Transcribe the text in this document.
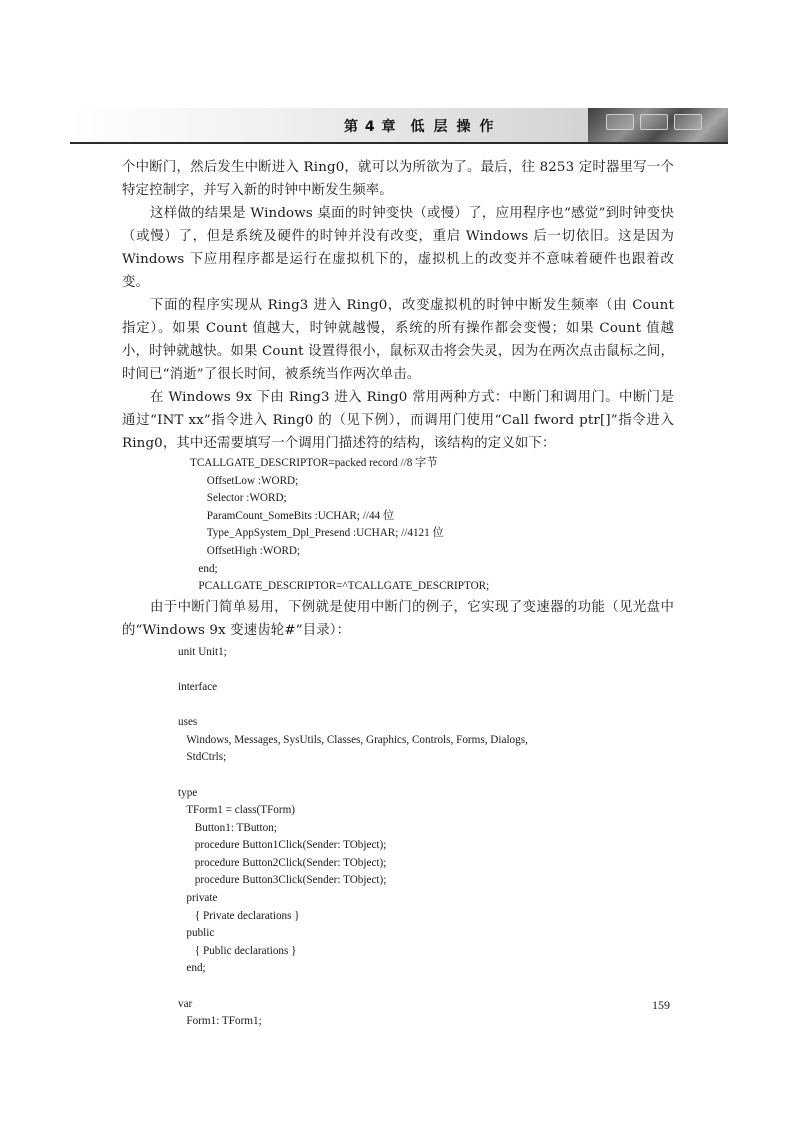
第 4 章 低层操作

个中断门，然后发生中断进入 Ring0，就可以为所欲为了。最后，往 8253 定时器里写一个特定控制字，并写入新的时钟中断发生频率。

这样做的结果是 Windows 桌面的时钟变快（或慢）了，应用程序也“感觉”到时钟变快（或慢）了，但是系统及硬件的时钟并没有改变，重启 Windows 后一切依旧。这是因为 Windows 下应用程序都是运行在虚拟机下的，虚拟机上的改变并不意味着硬件也跟着改变。

下面的程序实现从 Ring3 进入 Ring0，改变虚拟机的时钟中断发生频率（由 Count 指定）。如果 Count 值越大，时钟就越慢，系统的所有操作都会变慢；如果 Count 值越小，时钟就越快。如果 Count 设置得很小，鼠标双击将会失灵，因为在两次点击鼠标之间，时间已“消逝”了很长时间，被系统当作两次单击。

在 Windows 9x 下由 Ring3 进入 Ring0 常用两种方式：中断门和调用门。中断门是通过“INT xx”指令进入 Ring0 的（见下例），而调用门使用“Call fword ptr[]”指令进入 Ring0，其中还需要填写一个调用门描述符的结构，该结构的定义如下：

TCALLGATE_DESCRIPTOR=packed record //8 字节
OffsetLow :WORD;
Selector :WORD;
ParamCount_SomeBits :UCHAR; //44 位
Type_AppSystem_Dpl_Presend :UCHAR; //4121 位
OffsetHigh :WORD;
end;
PCALLGATE_DESCRIPTOR=^TCALLGATE_DESCRIPTOR;

由于中断门简单易用，下例就是使用中断门的例子，它实现了变速器的功能（见光盘中的“Windows 9x 变速齿轮#”目录）：

unit Unit1;

interface

uses
Windows, Messages, SysUtils, Classes, Graphics, Controls, Forms, Dialogs,
StdCtrls;

type
TForm1 = class(TForm)
Button1: TButton;
procedure Button1Click(Sender: TObject);
procedure Button2Click(Sender: TObject);
procedure Button3Click(Sender: TObject);
private
{ Private declarations }
public
{ Public declarations }
end;

var
Form1: TForm1;
159
